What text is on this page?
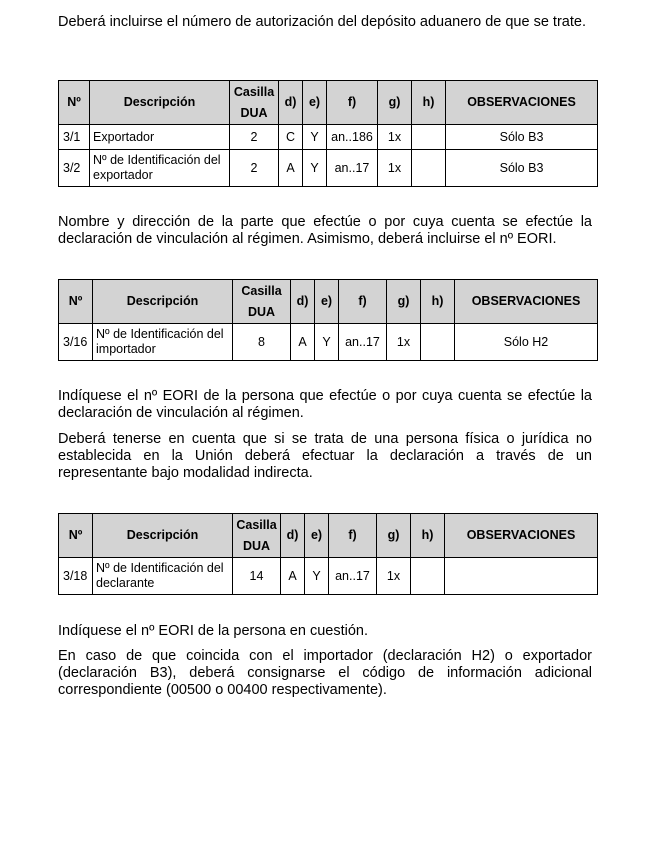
Deberá incluirse el número de autorización del depósito aduanero de que se trate.

Nº	Descripción	Casilla
DUA	d)	e)	f)	g)	h)	OBSERVACIONES
3/1	Exportador	2	C	Y	an..186	1x		Sólo B3
3/2	Nº de Identificación del exportador	2	A	Y	an..17	1x		Sólo B3

Nombre y dirección de la parte que efectúe o por cuya cuenta se efectúe la declaración de vinculación al régimen. Asimismo, deberá incluirse el nº EORI.

Nº	Descripción	Casilla
DUA	d)	e)	f)	g)	h)	OBSERVACIONES
3/16	Nº de Identificación del importador	8	A	Y	an..17	1x		Sólo H2

Indíquese el nº EORI de la persona que efectúe o por cuya cuenta se efectúe la declaración de vinculación al régimen.

Deberá tenerse en cuenta que si se trata de una persona física o jurídica no establecida en la Unión deberá efectuar la declaración a través de un representante bajo modalidad indirecta.

Nº	Descripción	Casilla
DUA	d)	e)	f)	g)	h)	OBSERVACIONES
3/18	Nº de Identificación del declarante	14	A	Y	an..17	1x		

Indíquese el nº EORI de la persona en cuestión.

En caso de que coincida con el importador (declaración H2) o exportador (declaración B3), deberá consignarse el código de información adicional correspondiente (00500 o 00400 respectivamente).
